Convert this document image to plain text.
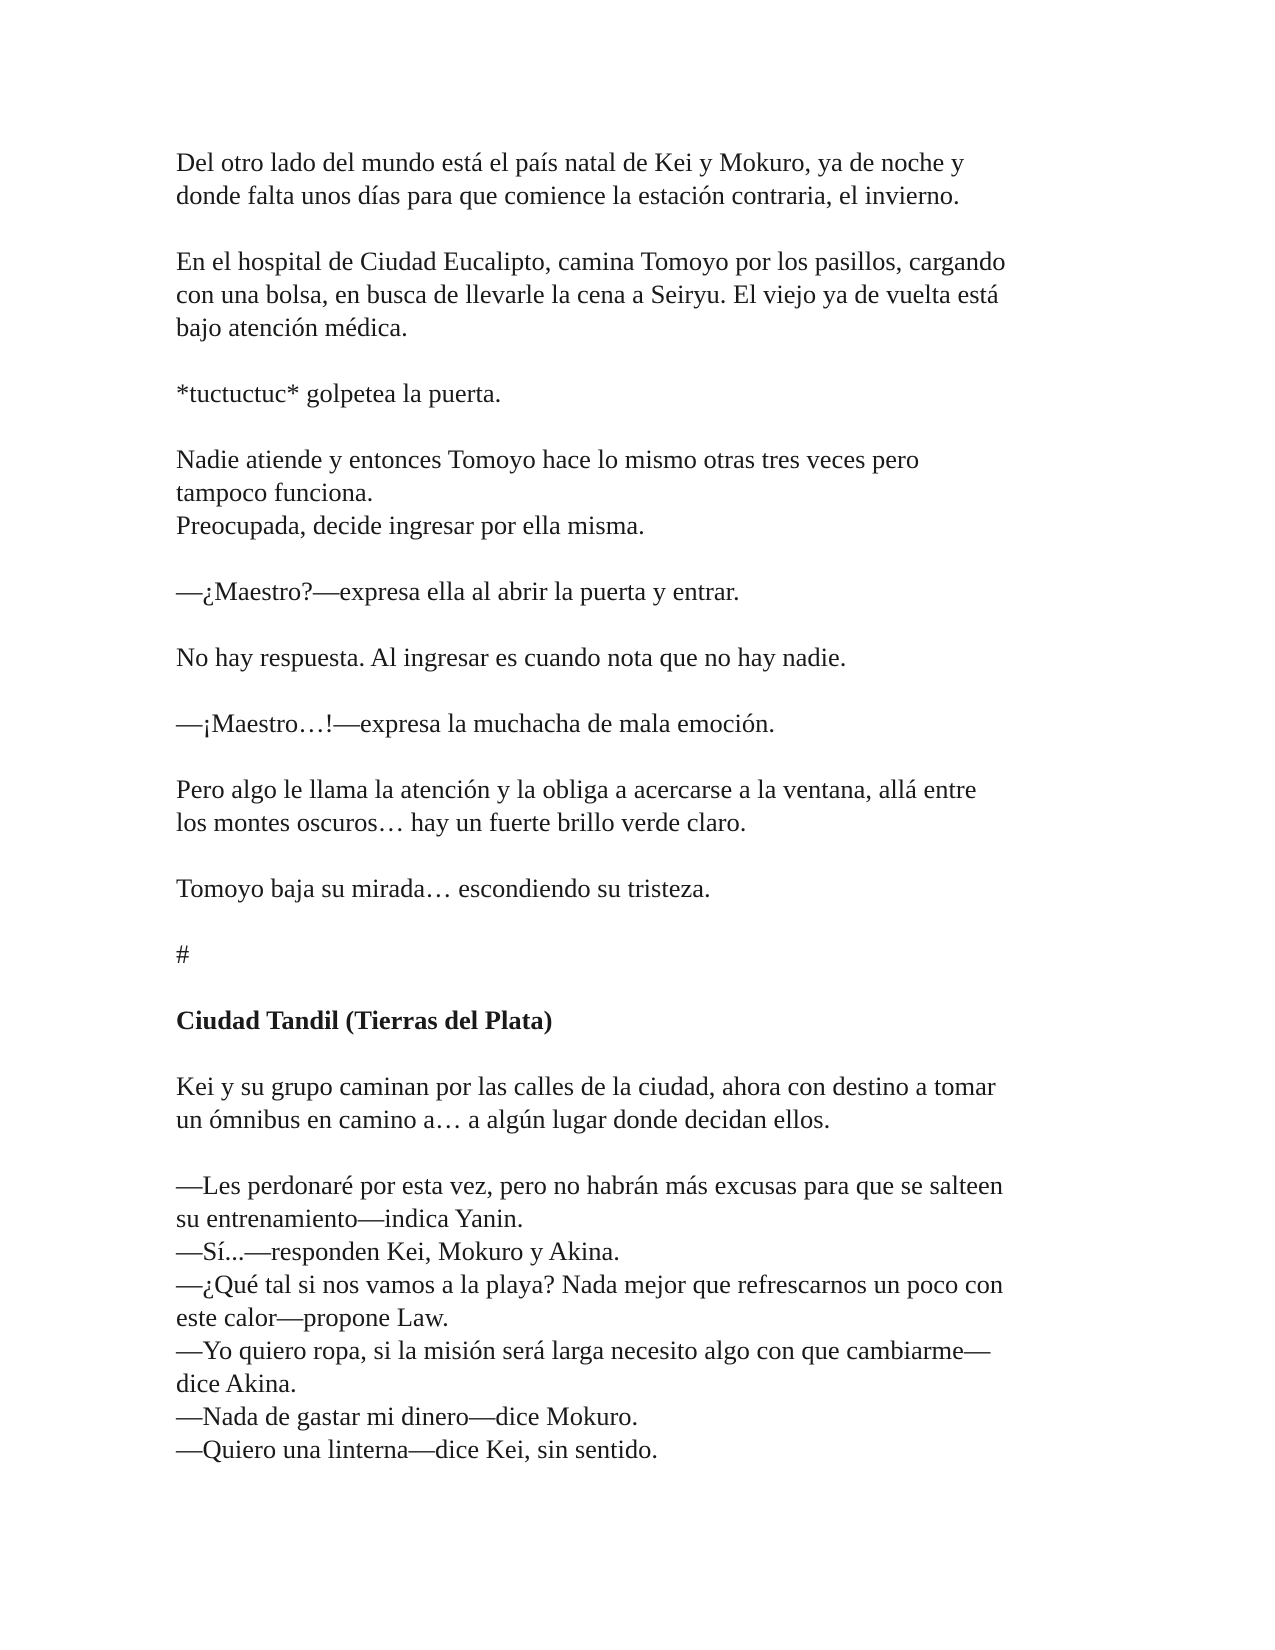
Del otro lado del mundo está el país natal de Kei y Mokuro, ya de noche y
donde falta unos días para que comience la estación contraria, el invierno.

En el hospital de Ciudad Eucalipto, camina Tomoyo por los pasillos, cargando
con una bolsa, en busca de llevarle la cena a Seiryu. El viejo ya de vuelta está
bajo atención médica.

*tuctuctuc* golpetea la puerta.

Nadie atiende y entonces Tomoyo hace lo mismo otras tres veces pero
tampoco funciona.
Preocupada, decide ingresar por ella misma.

—¿Maestro?—expresa ella al abrir la puerta y entrar.

No hay respuesta. Al ingresar es cuando nota que no hay nadie.

—¡Maestro…!—expresa la muchacha de mala emoción.

Pero algo le llama la atención y la obliga a acercarse a la ventana, allá entre
los montes oscuros… hay un fuerte brillo verde claro.

Tomoyo baja su mirada… escondiendo su tristeza.

#

Ciudad Tandil (Tierras del Plata)

Kei y su grupo caminan por las calles de la ciudad, ahora con destino a tomar
un ómnibus en camino a… a algún lugar donde decidan ellos.

—Les perdonaré por esta vez, pero no habrán más excusas para que se salteen
su entrenamiento—indica Yanin.
—Sí...—responden Kei, Mokuro y Akina.
—¿Qué tal si nos vamos a la playa? Nada mejor que refrescarnos un poco con
este calor—propone Law.
—Yo quiero ropa, si la misión será larga necesito algo con que cambiarme—
dice Akina.
—Nada de gastar mi dinero—dice Mokuro.
—Quiero una linterna—dice Kei, sin sentido.
